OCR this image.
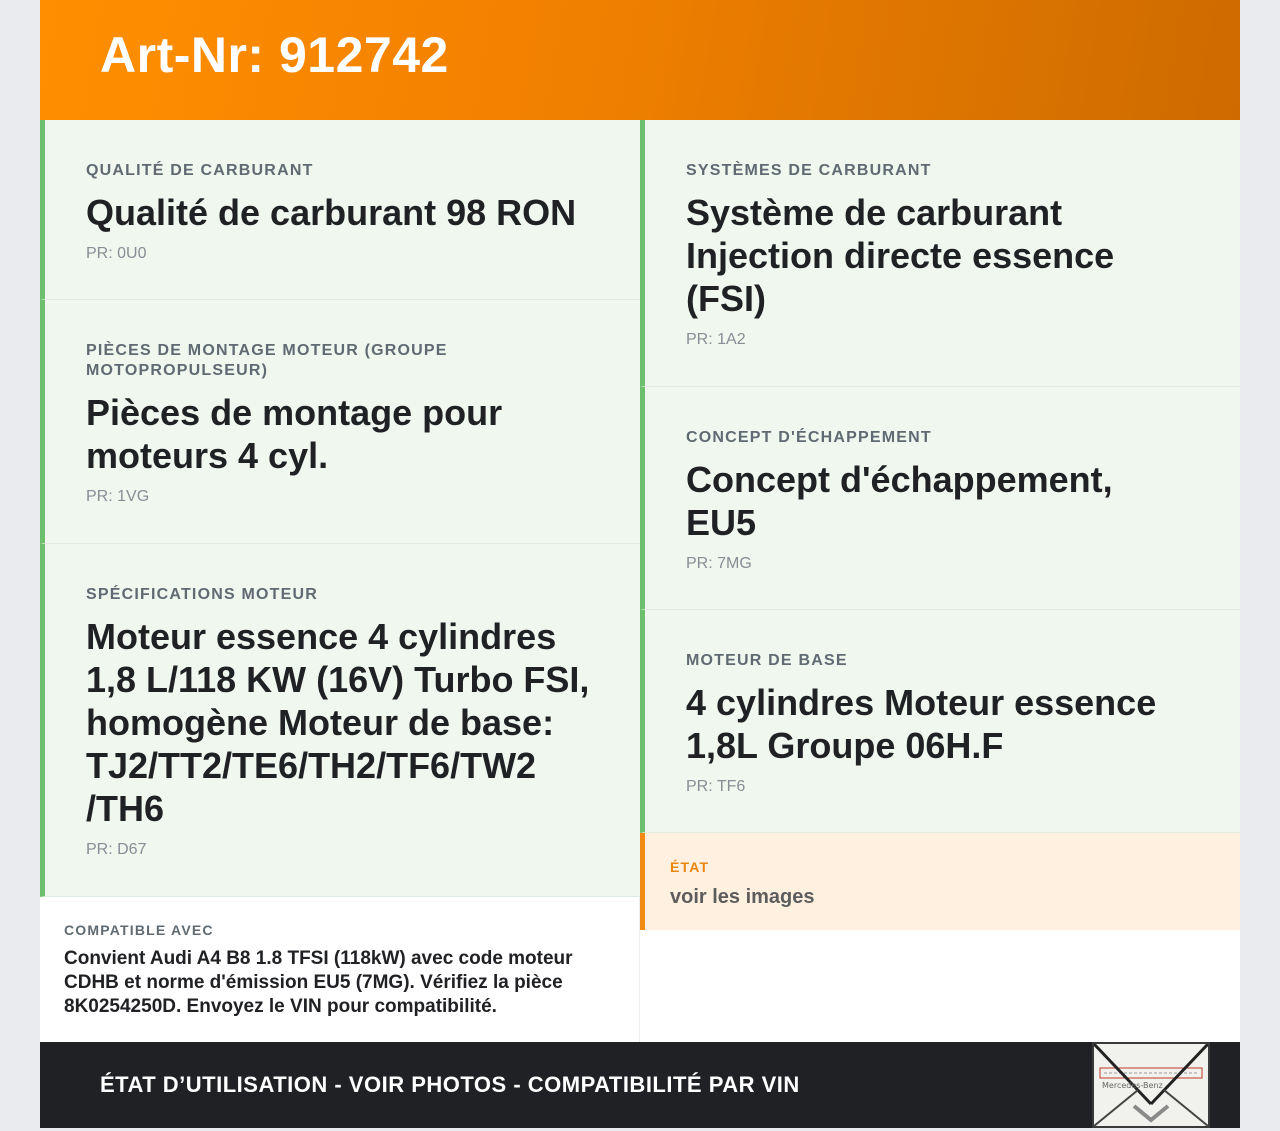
Art-Nr: 912742
QUALITÉ DE CARBURANT
Qualité de carburant 98 RON
PR: 0U0
PIÈCES DE MONTAGE MOTEUR (GROUPE MOTOPROPULSEUR)
Pièces de montage pour moteurs 4 cyl.
PR: 1VG
SPÉCIFICATIONS MOTEUR
Moteur essence 4 cylindres 1,8 L/118 KW (16V) Turbo FSI, homogène Moteur de base: TJ2/TT2/TE6/TH2/TF6/TW2 /TH6
PR: D67
SYSTÈMES DE CARBURANT
Système de carburant Injection directe essence (FSI)
PR: 1A2
CONCEPT D'ÉCHAPPEMENT
Concept d'échappement, EU5
PR: 7MG
MOTEUR DE BASE
4 cylindres Moteur essence 1,8L Groupe 06H.F
PR: TF6
COMPATIBLE AVEC
Convient Audi A4 B8 1.8 TFSI (118kW) avec code moteur CDHB et norme d'émission EU5 (7MG). Vérifiez la pièce 8K0254250D. Envoyez le VIN pour compatibilité.
ÉTAT
voir les images
ÉTAT D’UTILISATION - VOIR PHOTOS - COMPATIBILITÉ PAR VIN	Mercedes-Benz
